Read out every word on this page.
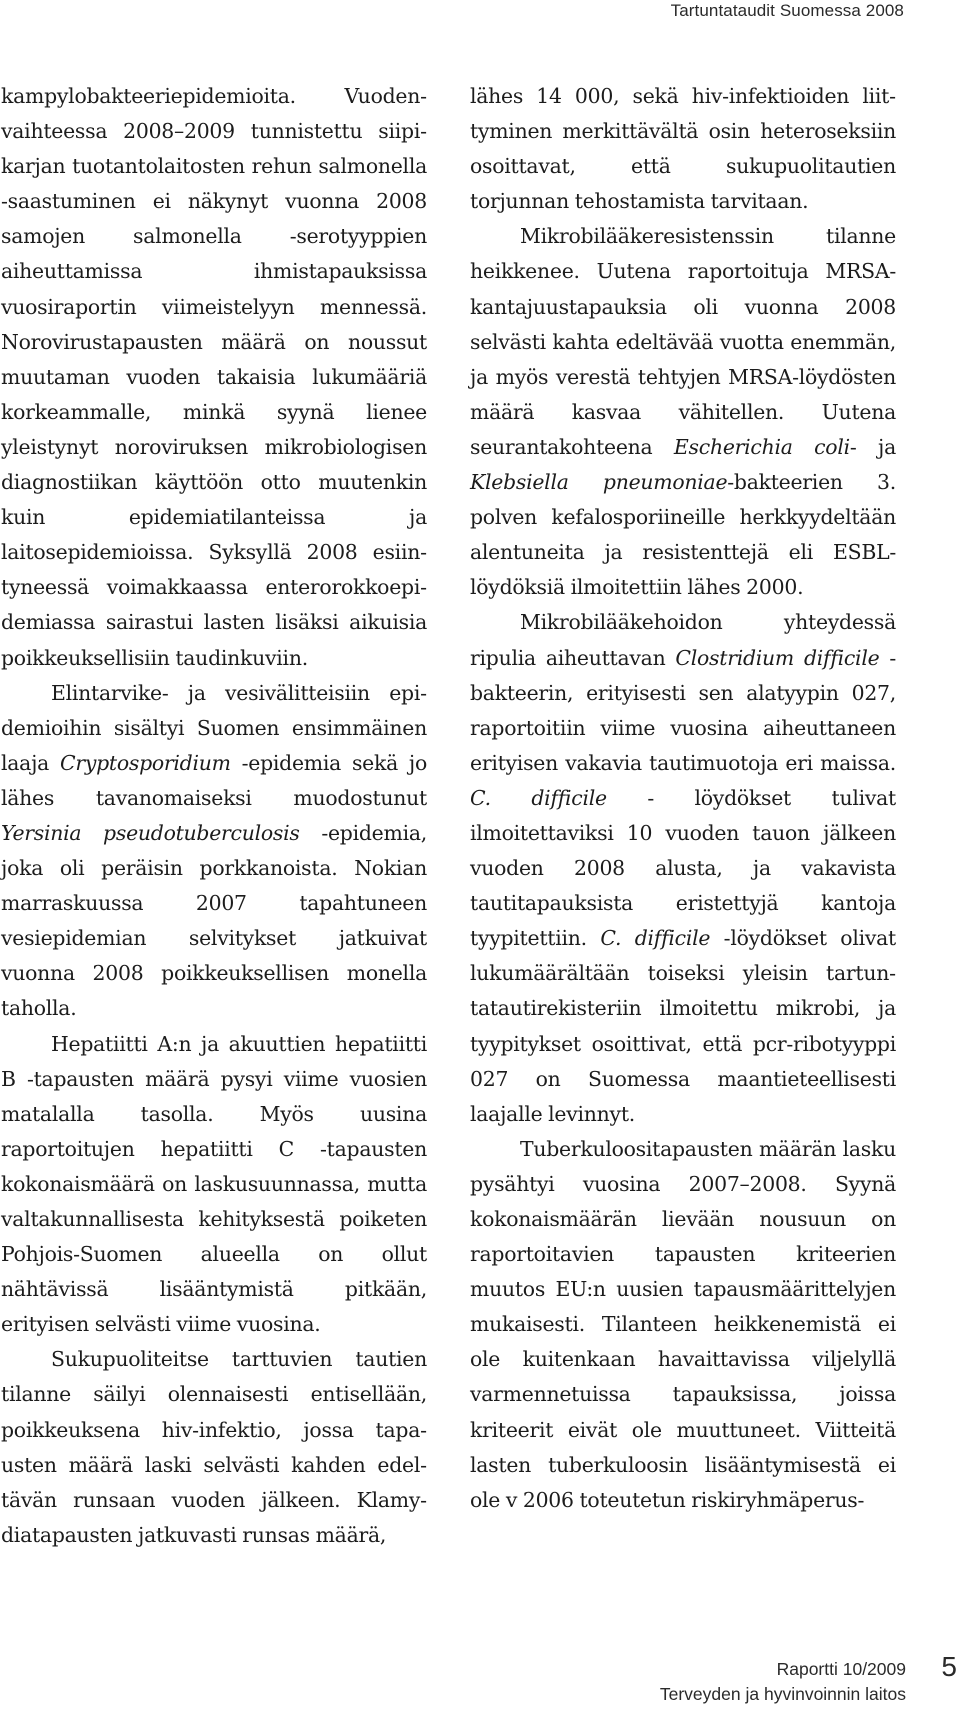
Tartuntataudit Suomessa 2008

kampylobakteeriepidemioita. Vuodenvaihteessa 2008–2009 tunnistettu siipikarjan tuotantolaitosten rehun salmonella -saastuminen ei näkynyt vuonna 2008 samojen salmonella -serotyyppien aiheuttamissa ihmistapauksissa vuosiraportin viimeistelyyn mennessä. Norovirustapausten määrä on noussut muutaman vuoden takaisia lukumääriä korkeammalle, minkä syynä lienee yleistynyt noroviruksen mikrobiologisen diagnostiikan käyttöön otto muutenkin kuin epidemiatilanteissa ja laitosepidemioissa. Syksyllä 2008 esiintyneessä voimakkaassa enterorokkoepidemiassa sairastui lasten lisäksi aikuisia poikkeuksellisiin taudinkuviin.

Elintarvike- ja vesivälitteisiin epidemioihin sisältyi Suomen ensimmäinen laaja Cryptosporidium -epidemia sekä jo lähes tavanomaiseksi muodostunut Yersinia pseudotuberculosis -epidemia, joka oli peräisin porkkanoista. Nokian marraskuussa 2007 tapahtuneen vesiepidemian selvitykset jatkuivat vuonna 2008 poikkeuksellisen monella taholla.

Hepatiitti A:n ja akuuttien hepatiitti B -tapausten määrä pysyi viime vuosien matalalla tasolla. Myös uusina raportoitujen hepatiitti C -tapausten kokonaismäärä on laskusuunnassa, mutta valtakunnallisesta kehityksestä poiketen Pohjois-Suomen alueella on ollut nähtävissä lisääntymistä pitkään, erityisen selvästi viime vuosina.

Sukupuoliteitse tarttuvien tautien tilanne säilyi olennaisesti entisellään, poikkeuksena hiv-infektio, jossa tapausten määrä laski selvästi kahden edeltävän runsaan vuoden jälkeen. Klamydiatapausten jatkuvasti runsas määrä,

lähes 14 000, sekä hiv-infektioiden liittyminen merkittävältä osin heteroseksiin osoittavat, että sukupuolitautien torjunnan tehostamista tarvitaan.

Mikrobilääkeresistenssin tilanne heikkenee. Uutena raportoituja MRSA-kantajuustapauksia oli vuonna 2008 selvästi kahta edeltävää vuotta enemmän, ja myös verestä tehtyjen MRSA-löydösten määrä kasvaa vähitellen. Uutena seurantakohteena Escherichia coli- ja Klebsiella pneumoniae-bakteerien 3. polven kefalosporiineille herkkyydeltään alentuneita ja resistenttejä eli ESBL-löydöksiä ilmoitettiin lähes 2000.

Mikrobilääkehoidon yhteydessä ripulia aiheuttavan Clostridium difficile -bakteerin, erityisesti sen alatyypin 027, raportoitiin viime vuosina aiheuttaneen erityisen vakavia tautimuotoja eri maissa. C. difficile - löydökset tulivat ilmoitettaviksi 10 vuoden tauon jälkeen vuoden 2008 alusta, ja vakavista tautitapauksista eristettyjä kantoja tyypitettiin. C. difficile -löydökset olivat lukumäärältään toiseksi yleisin tartuntatautirekisteriin ilmoitettu mikrobi, ja tyypitykset osoittivat, että pcr-ribotyyppi 027 on Suomessa maantieteellisesti laajalle levinnyt.

Tuberkuloositapausten määrän lasku pysähtyi vuosina 2007–2008. Syynä kokonaismäärän lievään nousuun on raportoitavien tapausten kriteerien muutos EU:n uusien tapausmäärittelyjen mukaisesti. Tilanteen heikkenemistä ei ole kuitenkaan havaittavissa viljelyllä varmennetuissa tapauksissa, joissa kriteerit eivät ole muuttuneet. Viitteitä lasten tuberkuloosin lisääntymisestä ei ole v 2006 toteutetun riskiryhmäperus-

Raportti 10/2009
Terveyden ja hyvinvoinnin laitos
5
